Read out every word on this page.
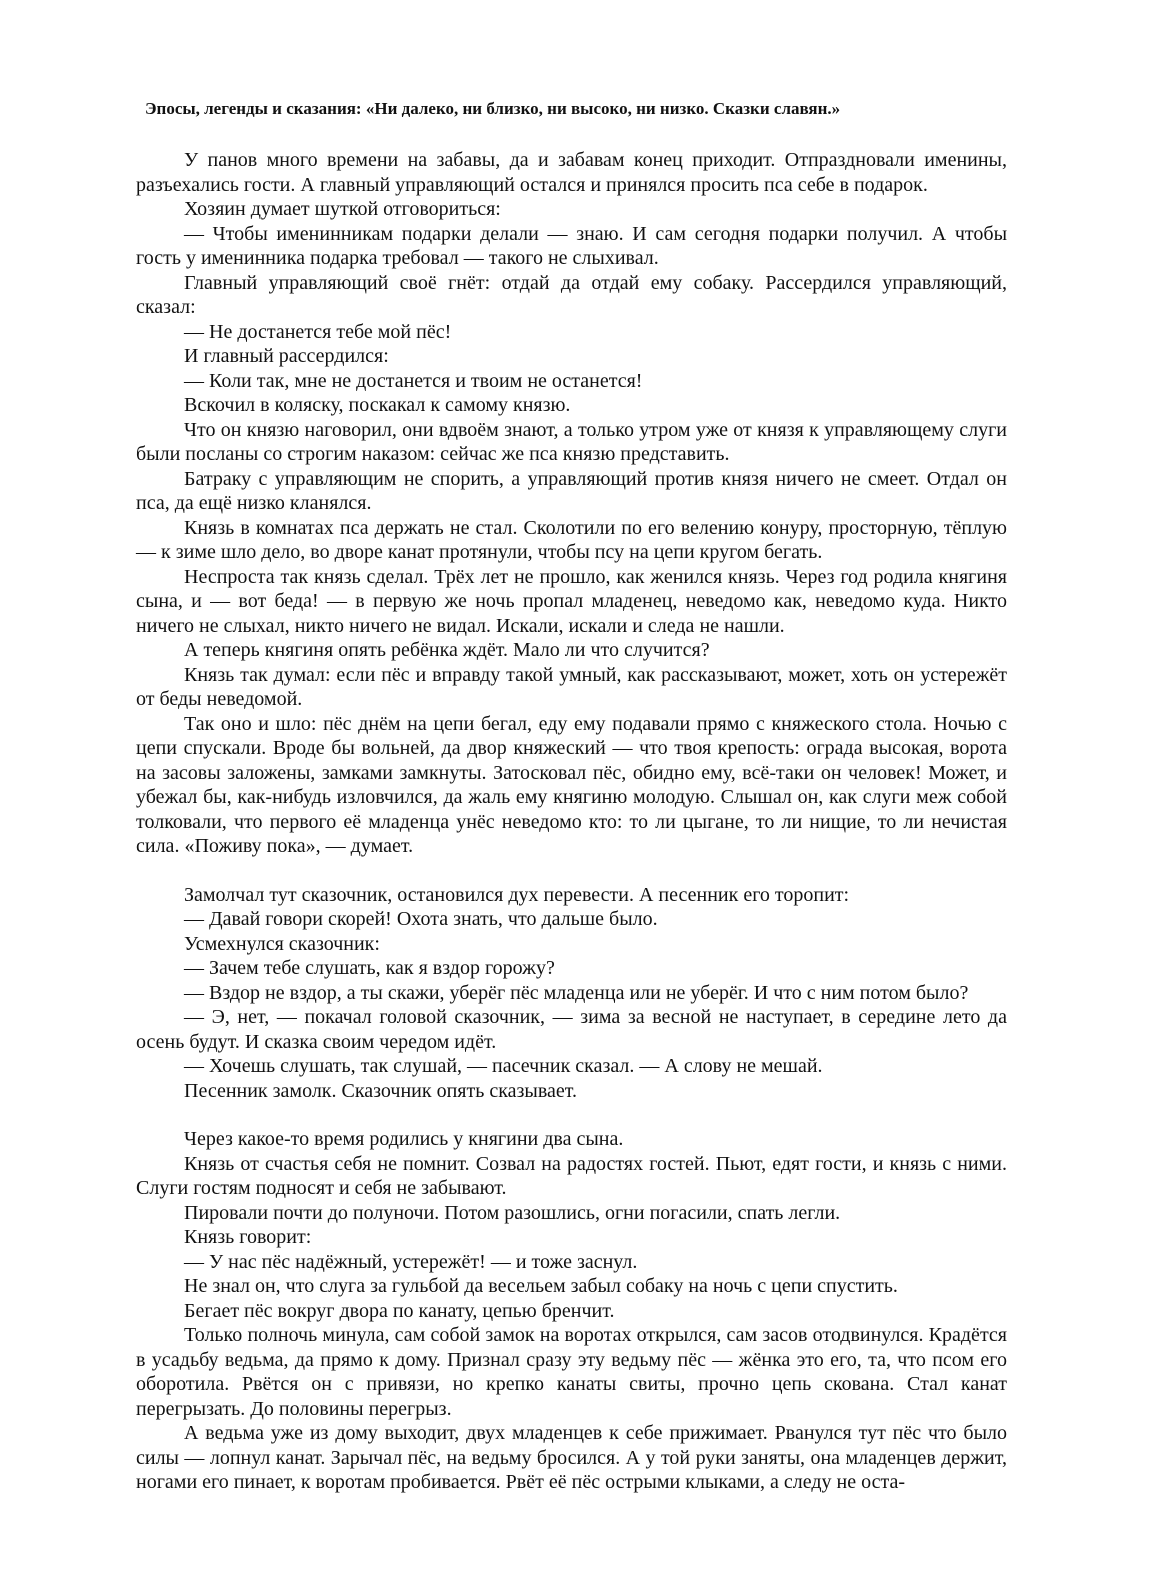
Эпосы, легенды и сказания: «Ни далеко, ни близко, ни высоко, ни низко. Сказки славян.»

У панов много времени на забавы, да и забавам конец приходит. Отпраздновали именины, разъехались гости. А главный управляющий остался и принялся просить пса себе в подарок.

Хозяин думает шуткой отговориться:

— Чтобы именинникам подарки делали — знаю. И сам сегодня подарки получил. А чтобы гость у именинника подарка требовал — такого не слыхивал.

Главный управляющий своё гнёт: отдай да отдай ему собаку. Рассердился управляющий, сказал:

— Не достанется тебе мой пёс!

И главный рассердился:

— Коли так, мне не достанется и твоим не останется!

Вскочил в коляску, поскакал к самому князю.

Что он князю наговорил, они вдвоём знают, а только утром уже от князя к управляющему слуги были посланы со строгим наказом: сейчас же пса князю представить.

Батраку с управляющим не спорить, а управляющий против князя ничего не смеет. Отдал он пса, да ещё низко кланялся.

Князь в комнатах пса держать не стал. Сколотили по его велению конуру, просторную, тёплую — к зиме шло дело, во дворе канат протянули, чтобы псу на цепи кругом бегать.

Неспроста так князь сделал. Трёх лет не прошло, как женился князь. Через год родила княгиня сына, и — вот беда! — в первую же ночь пропал младенец, неведомо как, неведомо куда. Никто ничего не слыхал, никто ничего не видал. Искали, искали и следа не нашли.

А теперь княгиня опять ребёнка ждёт. Мало ли что случится?

Князь так думал: если пёс и вправду такой умный, как рассказывают, может, хоть он устережёт от беды неведомой.

Так оно и шло: пёс днём на цепи бегал, еду ему подавали прямо с княжеского стола. Ночью с цепи спускали. Вроде бы вольней, да двор княжеский — что твоя крепость: ограда высокая, ворота на засовы заложены, замками замкнуты. Затосковал пёс, обидно ему, всё-таки он человек! Может, и убежал бы, как-нибудь изловчился, да жаль ему княгиню молодую. Слышал он, как слуги меж собой толковали, что первого её младенца унёс неведомо кто: то ли цыгане, то ли нищие, то ли нечистая сила. «Поживу пока», — думает.

Замолчал тут сказочник, остановился дух перевести. А песенник его торопит:

— Давай говори скорей! Охота знать, что дальше было.

Усмехнулся сказочник:

— Зачем тебе слушать, как я вздор горожу?

— Вздор не вздор, а ты скажи, уберёг пёс младенца или не уберёг. И что с ним потом было?

— Э, нет, — покачал головой сказочник, — зима за весной не наступает, в середине лето да осень будут. И сказка своим чередом идёт.

— Хочешь слушать, так слушай, — пасечник сказал. — А слову не мешай.

Песенник замолк. Сказочник опять сказывает.

Через какое-то время родились у княгини два сына.

Князь от счастья себя не помнит. Созвал на радостях гостей. Пьют, едят гости, и князь с ними. Слуги гостям подносят и себя не забывают.

Пировали почти до полуночи. Потом разошлись, огни погасили, спать легли.

Князь говорит:

— У нас пёс надёжный, устережёт! — и тоже заснул.

Не знал он, что слуга за гульбой да весельем забыл собаку на ночь с цепи спустить.

Бегает пёс вокруг двора по канату, цепью бренчит.

Только полночь минула, сам собой замок на воротах открылся, сам засов отодвинулся. Крадётся в усадьбу ведьма, да прямо к дому. Признал сразу эту ведьму пёс — жёнка это его, та, что псом его оборотила. Рвётся он с привязи, но крепко канаты свиты, прочно цепь скована. Стал канат перегрызать. До половины перегрыз.

А ведьма уже из дому выходит, двух младенцев к себе прижимает. Рванулся тут пёс что было силы — лопнул канат. Зарычал пёс, на ведьму бросился. А у той руки заняты, она младенцев держит, ногами его пинает, к воротам пробивается. Рвёт её пёс острыми клыками, а следу не оста-
